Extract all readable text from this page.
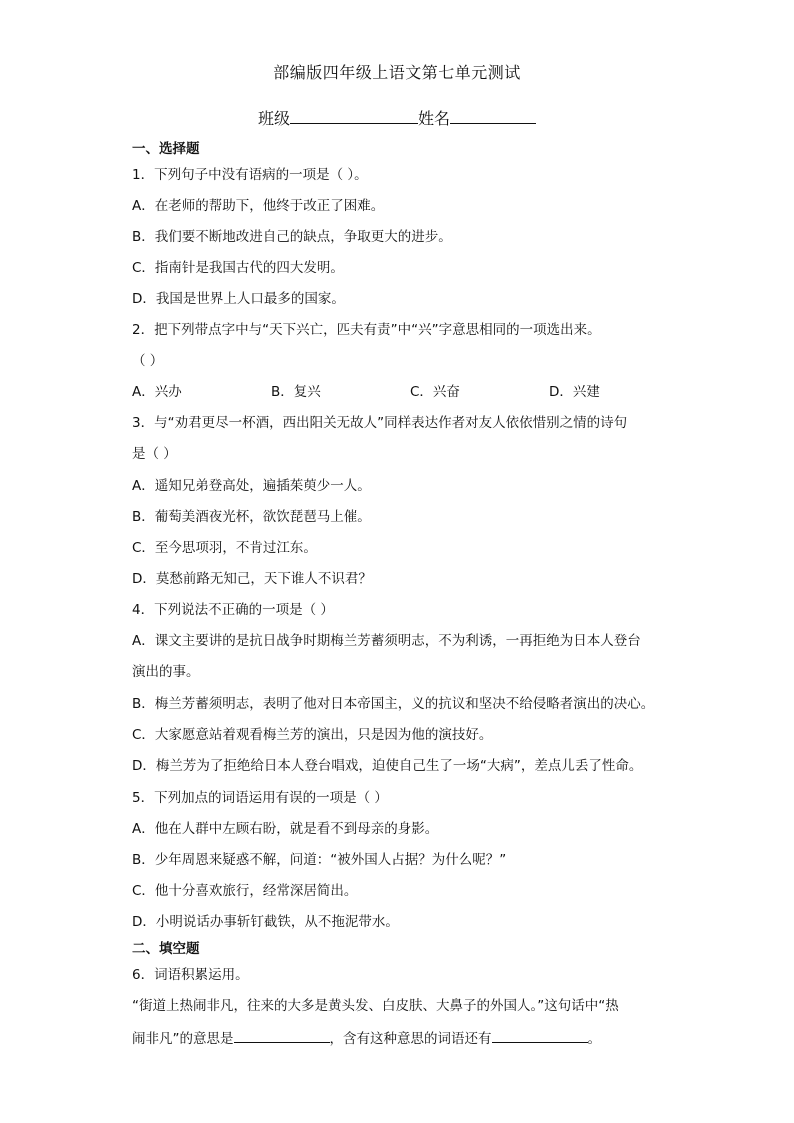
部编版四年级上语文第七单元测试
班级	姓名
一、选择题
1．下列句子中没有语病的一项是（ ）。
A．在老师的帮助下，他终于改正了困难。
B．我们要不断地改进自己的缺点，争取更大的进步。
C．指南针是我国古代的四大发明。
D．我国是世界上人口最多的国家。
2．把下列带点字中与“天下兴亡，匹夫有责”中“兴”字意思相同的一项选出来。
（ ）
A．兴办	B．复兴	C．兴奋	D．兴建
3．与“劝君更尽一杯酒，西出阳关无故人”同样表达作者对友人依依惜别之情的诗句
是（ ）
A．遥知兄弟登高处，遍插茱萸少一人。
B．葡萄美酒夜光杯，欲饮琵琶马上催。
C．至今思项羽，不肯过江东。
D．莫愁前路无知己，天下谁人不识君？
4．下列说法不正确的一项是（ ）
A．课文主要讲的是抗日战争时期梅兰芳蓄须明志，不为利诱，一再拒绝为日本人登台
演出的事。
B．梅兰芳蓄须明志，表明了他对日本帝国主，义的抗议和坚决不给侵略者演出的决心。
C．大家愿意站着观看梅兰芳的演出，只是因为他的演技好。
D．梅兰芳为了拒绝给日本人登台唱戏，迫使自己生了一场“大病”，差点儿丢了性命。
5．下列加点的词语运用有误的一项是（ ）
A．他在人群中左顾右盼，就是看不到母亲的身影。
B．少年周恩来疑惑不解，问道：“被外国人占据？为什么呢？”
C．他十分喜欢旅行，经常深居简出。
D．小明说话办事斩钉截铁，从不拖泥带水。
二、填空题
6．词语积累运用。
“街道上热闹非凡，往来的大多是黄头发、白皮肤、大鼻子的外国人。”这句话中“热
闹非凡”的意思是	，含有这种意思的词语还有	。
